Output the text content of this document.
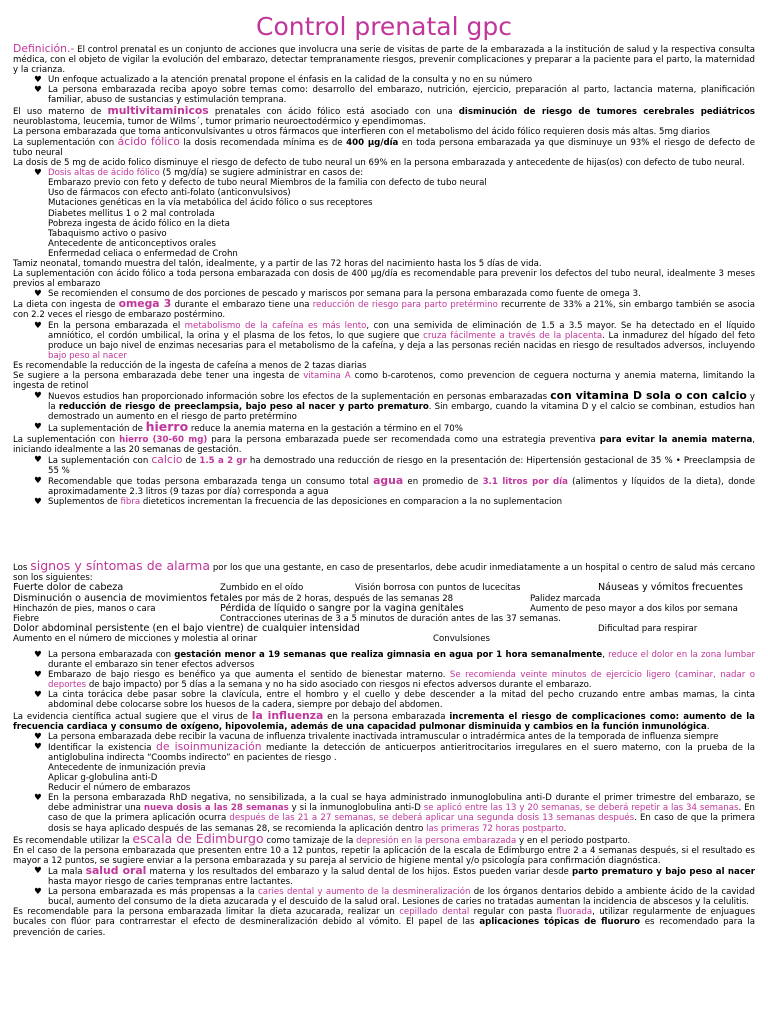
Control prenatal gpc

Definición.- El control prenatal es un conjunto de acciones que involucra una serie de visitas de parte de la embarazada a la institución de salud y la respectiva consulta médica, con el objeto de vigilar la evolución del embarazo, detectar tempranamente riesgos, prevenir complicaciones y preparar a la paciente para el parto, la maternidad y la crianza.

♥ Un enfoque actualizado a la atención prenatal propone el énfasis en la calidad de la consulta y no en su número
♥ La persona embarazada reciba apoyo sobre temas como: desarrollo del embarazo, nutrición, ejercicio, preparación al parto, lactancia materna, planificación familiar, abuso de sustancias y estimulación temprana.

El uso materno de multivitaminicos prenatales con ácido fólico está asociado con una disminución de riesgo de tumores cerebrales pediátricos neuroblastoma, leucemia, tumor de Wilms´, tumor primario neuroectodérmico y ependimomas.

La persona embarazada que toma anticonvulsivantes u otros fármacos que interfieren con el metabolismo del ácido fólico requieren dosis más altas. 5mg diarios

La suplementación con ácido fólico la dosis recomendada mínima es de 400 µg/día en toda persona embarazada ya que disminuye un 93% el riesgo de defecto de tubo neural

La dosis de 5 mg de acido folico disminuye el riesgo de defecto de tubo neural un 69% en la persona embarazada y antecedente de hijas(os) con defecto de tubo neural.

♥ Dosis altas de ácido fólico (5 mg/día) se sugiere administrar en casos de:
Embarazo previo con feto y defecto de tubo neural Miembros de la familia con defecto de tubo neural
Uso de fármacos con efecto anti-folato (anticonvulsivos)
Mutaciones genéticas en la vía metabólica del ácido fólico o sus receptores
Diabetes mellitus 1 o 2 mal controlada
Pobreza ingesta de ácido fólico en la dieta
Tabaquismo activo o pasivo
Antecedente de anticonceptivos orales
Enfermedad celiaca o enfermedad de Crohn

Tamiz neonatal, tomando muestra del talón, idealmente, y a partir de las 72 horas del nacimiento hasta los 5 días de vida.

La suplementación con ácido fólico a toda persona embarazada con dosis de 400 µg/día es recomendable para prevenir los defectos del tubo neural, idealmente 3 meses previos al embarazo

♥ Se recomienden el consumo de dos porciones de pescado y mariscos por semana para la persona embarazada como fuente de omega 3.

La dieta con ingesta de omega 3 durante el embarazo tiene una reducción de riesgo para parto pretérmino recurrente de 33% a 21%, sin embargo también se asocia con 2.2 veces el riesgo de embarazo postérmino.

♥ En la persona embarazada el metabolismo de la cafeína es más lento, con una semivida de eliminación de 1.5 a 3.5 mayor. Se ha detectado en el líquido amniótico, el cordón umbilical, la orina y el plasma de los fetos, lo que sugiere que cruza fácilmente a través de la placenta. La inmadurez del hígado del feto produce un bajo nivel de enzimas necesarias para el metabolismo de la cafeína, y deja a las personas recién nacidas en riesgo de resultados adversos, incluyendo bajo peso al nacer

Es recomendable la reducción de la ingesta de cafeína a menos de 2 tazas diarias

Se sugiere a la persona embarazada debe tener una ingesta de vitamina A como b-carotenos, como prevencion de ceguera nocturna y anemia materna, limitando la ingesta de retinol

♥ Nuevos estudios han proporcionado información sobre los efectos de la suplementación en personas embarazadas con vitamina D sola o con calcio y la reducción de riesgo de preeclampsia, bajo peso al nacer y parto prematuro. Sin embargo, cuando la vitamina D y el calcio se combinan, estudios han demostrado un aumento en el riesgo de parto pretérmino
♥ La suplementación de hierro reduce la anemia materna en la gestación a término en el 70%

La suplementación con hierro (30-60 mg) para la persona embarazada puede ser recomendada como una estrategia preventiva para evitar la anemia materna, iniciando idealmente a las 20 semanas de gestación.

♥ La suplementación con calcio de 1.5 a 2 gr ha demostrado una reducción de riesgo en la presentación de: Hipertensión gestacional de 35 % • Preeclampsia de 55 %
♥ Recomendable que todas persona embarazada tenga un consumo total agua en promedio de 3.1 litros por día (alimentos y líquidos de la dieta), donde aproximadamente 2.3 litros (9 tazas por día) corresponda a agua
♥ Suplementos de fibra dieteticos incrementan la frecuencia de las deposiciones en comparacion a la no suplementacion

Los signos y síntomas de alarma por los que una gestante, en caso de presentarlos, debe acudir inmediatamente a un hospital o centro de salud más cercano son los siguientes:

Fuerte dolor de cabeza	Zumbido en el oído	Visión borrosa con puntos de lucecitas	Náuseas y vómitos frecuentes
Disminución o ausencia de movimientos fetales por más de 2 horas, después de las semanas 28	Palidez marcada
Hinchazón de pies, manos o cara	Pérdida de líquido o sangre por la vagina genitales	Aumento de peso mayor a dos kilos por semana
Fiebre	Contracciones uterinas de 3 a 5 minutos de duración antes de las 37 semanas.
Dolor abdominal persistente (en el bajo vientre) de cualquier intensidad	Dificultad para respirar
Aumento en el número de micciones y molestia al orinar	Convulsiones
♥ La persona embarazada con gestación menor a 19 semanas que realiza gimnasia en agua por 1 hora semanalmente, reduce el dolor en la zona lumbar durante el embarazo sin tener efectos adversos
♥ Embarazo de bajo riesgo es benéfico ya que aumenta el sentido de bienestar materno. Se recomienda veinte minutos de ejercicio ligero (caminar, nadar o deportes de bajo impacto) por 5 días a la semana y no ha sido asociado con riesgos ni efectos adversos durante el embarazo.
♥ La cinta torácica debe pasar sobre la clavícula, entre el hombro y el cuello y debe descender a la mitad del pecho cruzando entre ambas mamas, la cinta abdominal debe colocarse sobre los huesos de la cadera, siempre por debajo del abdomen.

La evidencia científica actual sugiere que el virus de la influenza en la persona embarazada incrementa el riesgo de complicaciones como: aumento de la frecuencia cardiaca y consumo de oxígeno, hipovolemia, además de una capacidad pulmonar disminuida y cambios en la función inmunológica.

♥ La persona embarazada debe recibir la vacuna de influenza trivalente inactivada intramuscular o intradérmica antes de la temporada de influenza siempre
♥ Identificar la existencia de isoinmunización mediante la detección de anticuerpos antieritrocitarios irregulares en el suero materno, con la prueba de la antiglobulina indirecta “Coombs indirecto” en pacientes de riesgo .
Antecedente de inmunización previa
Aplicar g-globulina anti-D
Reducir el número de embarazos
♥ En la persona embarazada RhD negativa, no sensibilizada, a la cual se haya administrado inmunoglobulina anti-D durante el primer trimestre del embarazo, se debe administrar una nueva dosis a las 28 semanas y si la inmunoglobulina anti-D se aplicó entre las 13 y 20 semanas, se deberá repetir a las 34 semanas. En caso de que la primera aplicación ocurra después de las 21 a 27 semanas, se deberá aplicar una segunda dosis 13 semanas después. En caso de que la primera dosis se haya aplicado después de las semanas 28, se recomienda la aplicación dentro las primeras 72 horas postparto.

Es recomendable utilizar la escala de Edimburgo como tamizaje de la depresión en la persona embarazada y en el periodo postparto.

En el caso de la persona embarazada que presenten entre 10 a 12 puntos, repetir la aplicación de la escala de Edimburgo entre 2 a 4 semanas después, si el resultado es mayor a 12 puntos, se sugiere enviar a la persona embarazada y su pareja al servicio de higiene mental y/o psicología para confirmación diagnóstica.

♥ La mala salud oral materna y los resultados del embarazo y la salud dental de los hijos. Estos pueden variar desde parto prematuro y bajo peso al nacer hasta mayor riesgo de caries tempranas entre lactantes.
♥ La persona embarazada es más propensas a la caries dental y aumento de la desmineralización de los órganos dentarios debido a ambiente ácido de la cavidad bucal, aumento del consumo de la dieta azucarada y el descuido de la salud oral. Lesiones de caries no tratadas aumentan la incidencia de abscesos y la celulitis.

Es recomendable para la persona embarazada limitar la dieta azucarada, realizar un cepillado dental regular con pasta fluorada, utilizar regularmente de enjuagues bucales con flúor para contrarrestar el efecto de desmineralización debido al vómito. El papel de las aplicaciones tópicas de fluoruro es recomendado para la prevención de caries.
